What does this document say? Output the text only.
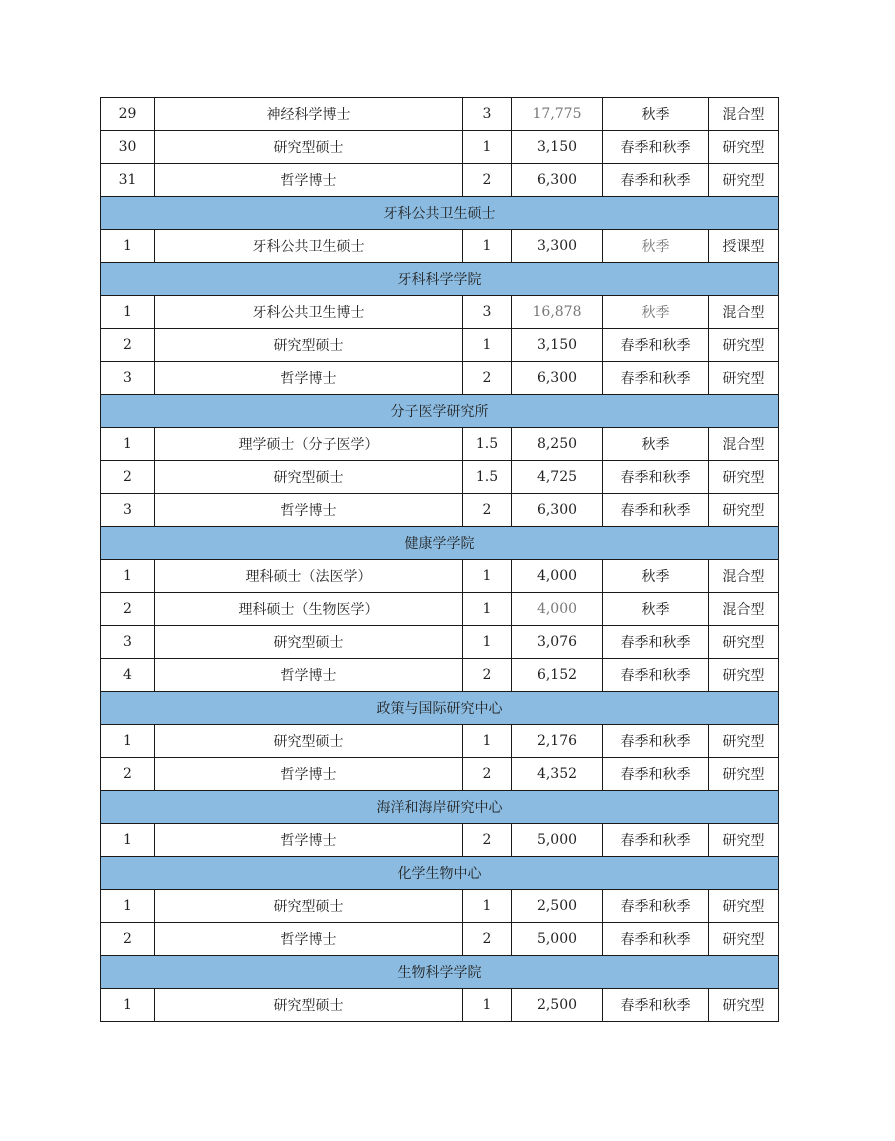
29	神经科学博士	3	17,775	秋季	混合型
30	研究型硕士	1	3,150	春季和秋季	研究型
31	哲学博士	2	6,300	春季和秋季	研究型
牙科公共卫生硕士					
1	牙科公共卫生硕士	1	3,300	秋季	授课型
牙科科学学院					
1	牙科公共卫生博士	3	16,878	秋季	混合型
2	研究型硕士	1	3,150	春季和秋季	研究型
3	哲学博士	2	6,300	春季和秋季	研究型
分子医学研究所					
1	理学硕士（分子医学）	1.5	8,250	秋季	混合型
2	研究型硕士	1.5	4,725	春季和秋季	研究型
3	哲学博士	2	6,300	春季和秋季	研究型
健康学学院					
1	理科硕士（法医学）	1	4,000	秋季	混合型
2	理科硕士（生物医学）	1	4,000	秋季	混合型
3	研究型硕士	1	3,076	春季和秋季	研究型
4	哲学博士	2	6,152	春季和秋季	研究型
政策与国际研究中心					
1	研究型硕士	1	2,176	春季和秋季	研究型
2	哲学博士	2	4,352	春季和秋季	研究型
海洋和海岸研究中心					
1	哲学博士	2	5,000	春季和秋季	研究型
化学生物中心					
1	研究型硕士	1	2,500	春季和秋季	研究型
2	哲学博士	2	5,000	春季和秋季	研究型
生物科学学院					
1	研究型硕士	1	2,500	春季和秋季	研究型
